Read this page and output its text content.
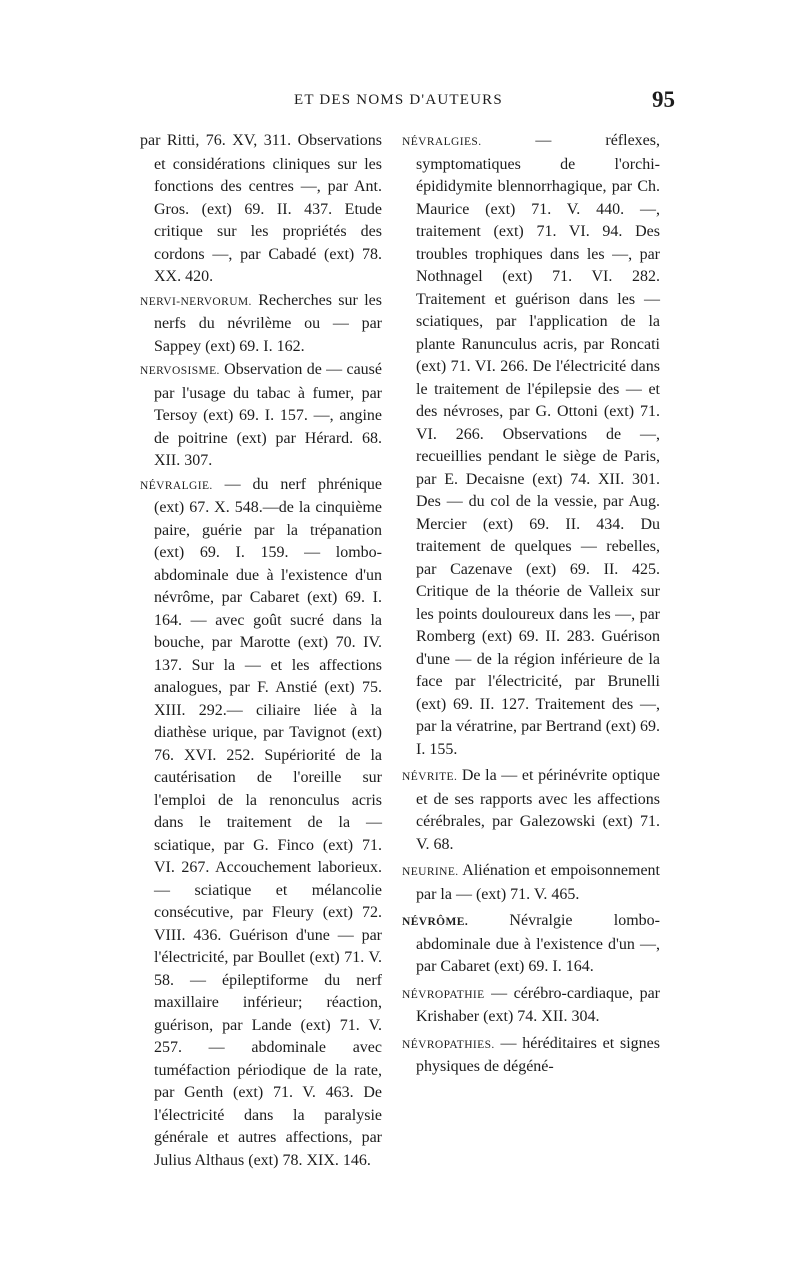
ET DES NOMS D'AUTEURS	95

par Ritti, 76. XV, 311. Observations et considérations cliniques sur les fonctions des centres —, par Ant. Gros. (ext) 69. II. 437. Etude critique sur les propriétés des cordons —, par Cabadé (ext) 78. XX. 420.

NERVI-NERVORUM. Recherches sur les nerfs du névrilème ou — par Sappey (ext) 69. I. 162.

NERVOSISME. Observation de — causé par l'usage du tabac à fumer, par Tersoy (ext) 69. I. 157. —, angine de poitrine (ext) par Hérard. 68. XII. 307.

NÉVRALGIE. — du nerf phrénique (ext) 67. X. 548.—de la cinquième paire, guérie par la trépanation (ext) 69. I. 159. — lombo-abdominale due à l'existence d'un névrôme, par Cabaret (ext) 69. I. 164. — avec goût sucré dans la bouche, par Marotte (ext) 70. IV. 137. Sur la — et les affections analogues, par F. Anstié (ext) 75. XIII. 292.— ciliaire liée à la diathèse urique, par Tavignot (ext) 76. XVI. 252. Supériorité de la cautérisation de l'oreille sur l'emploi de la renonculus acris dans le traitement de la — sciatique, par G. Finco (ext) 71. VI. 267. Accouchement laborieux. — sciatique et mélancolie consécutive, par Fleury (ext) 72. VIII. 436. Guérison d'une — par l'électricité, par Boullet (ext) 71. V. 58. — épileptiforme du nerf maxillaire inférieur; réaction, guérison, par Lande (ext) 71. V. 257. — abdominale avec tuméfaction périodique de la rate, par Genth (ext) 71. V. 463. De l'électricité dans la paralysie générale et autres affections, par Julius Althaus (ext) 78. XIX. 146.

NÉVRALGIES. — réflexes, symptomatiques de l'orchi-épididymite blennorrhagique, par Ch. Maurice (ext) 71. V. 440. —, traitement (ext) 71. VI. 94. Des troubles trophiques dans les —, par Nothnagel (ext) 71. VI. 282. Traitement et guérison dans les — sciatiques, par l'application de la plante Ranunculus acris, par Roncati (ext) 71. VI. 266. De l'électricité dans le traitement de l'épilepsie des — et des névroses, par G. Ottoni (ext) 71. VI. 266. Observations de —, recueillies pendant le siège de Paris, par E. Decaisne (ext) 74. XII. 301. Des — du col de la vessie, par Aug. Mercier (ext) 69. II. 434. Du traitement de quelques — rebelles, par Cazenave (ext) 69. II. 425. Critique de la théorie de Valleix sur les points douloureux dans les —, par Romberg (ext) 69. II. 283. Guérison d'une — de la région inférieure de la face par l'électricité, par Brunelli (ext) 69. II. 127. Traitement des —, par la vératrine, par Bertrand (ext) 69. I. 155.

NÉVRITE. De la — et périnévrite optique et de ses rapports avec les affections cérébrales, par Galezowski (ext) 71. V. 68.

NEURINE. Aliénation et empoisonnement par la — (ext) 71. V. 465.

NÉVRÔME. Névralgie lombo-abdominale due à l'existence d'un —, par Cabaret (ext) 69. I. 164.

NÉVROPATHIE — cérébro-cardiaque, par Krishaber (ext) 74. XII. 304.

NÉVROPATHIES. — héréditaires et signes physiques de dégéné-
